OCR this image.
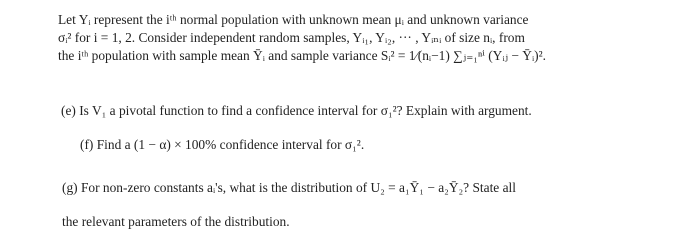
Let Yᵢ represent the iᵗʰ normal population with unknown mean μᵢ and unknown variance
σᵢ² for i = 1, 2. Consider independent random samples, Yᵢ₁, Yᵢ₂, ··· , Yᵢₙᵢ of size nᵢ, from
the iᵗʰ population with sample mean Ȳᵢ and sample variance Sᵢ² = 1⁄(nᵢ−1) ∑ⱼ₌₁ⁿⁱ (Yᵢⱼ − Ȳᵢ)².
(e) Is V₁ a pivotal function to find a confidence interval for σ₁²? Explain with argument.
(f) Find a (1 − α) × 100% confidence interval for σ₁².
(g) For non-zero constants aᵢ's, what is the distribution of U₂ = a₁Ȳ₁ − a₂Ȳ₂? State all
the relevant parameters of the distribution.
